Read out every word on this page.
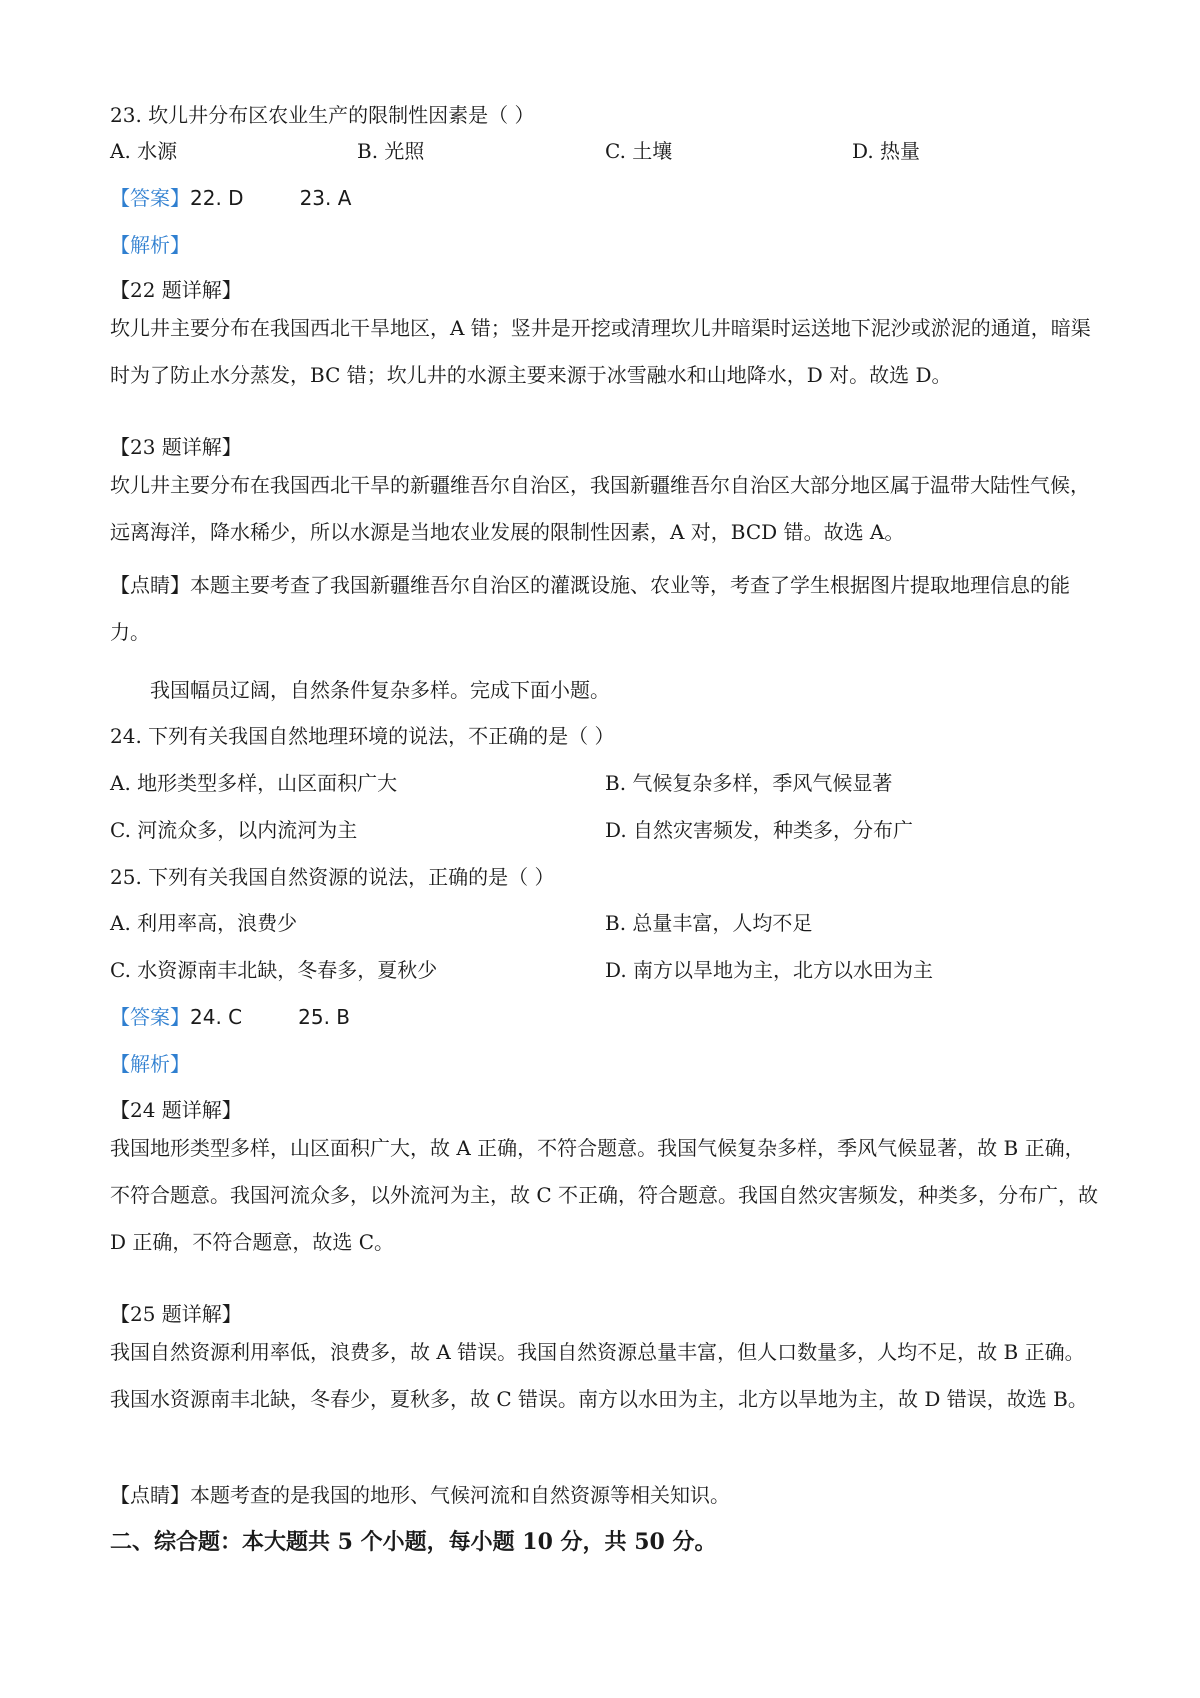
23. 坎儿井分布区农业生产的限制性因素是（ ）
A. 水源	B. 光照	C. 土壤	D. 热量
【答案】22. D	23. A
【解析】
【22 题详解】

坎儿井主要分布在我国西北干旱地区，A 错；竖井是开挖或清理坎儿井暗渠时运送地下泥沙或淤泥的通道，暗渠时为了防止水分蒸发，BC 错；坎儿井的水源主要来源于冰雪融水和山地降水，D 对。故选 D。

【23 题详解】

坎儿井主要分布在我国西北干旱的新疆维吾尔自治区，我国新疆维吾尔自治区大部分地区属于温带大陆性气候，远离海洋，降水稀少，所以水源是当地农业发展的限制性因素，A 对，BCD 错。故选 A。

【点睛】本题主要考查了我国新疆维吾尔自治区的灌溉设施、农业等，考查了学生根据图片提取地理信息的能力。

我国幅员辽阔，自然条件复杂多样。完成下面小题。
24. 下列有关我国自然地理环境的说法，不正确的是（ ）
A. 地形类型多样，山区面积广大	B. 气候复杂多样，季风气候显著
C. 河流众多，以内流河为主	D. 自然灾害频发，种类多，分布广
25. 下列有关我国自然资源的说法，正确的是（ ）
A. 利用率高，浪费少	B. 总量丰富，人均不足
C. 水资源南丰北缺，冬春多，夏秋少	D. 南方以旱地为主，北方以水田为主
【答案】24. C	25. B
【解析】
【24 题详解】

我国地形类型多样，山区面积广大，故 A 正确，不符合题意。我国气候复杂多样，季风气候显著，故 B 正确，不符合题意。我国河流众多，以外流河为主，故 C 不正确，符合题意。我国自然灾害频发，种类多，分布广，故 D 正确，不符合题意，故选 C。

【25 题详解】

我国自然资源利用率低，浪费多，故 A 错误。我国自然资源总量丰富，但人口数量多，人均不足，故 B 正确。我国水资源南丰北缺，冬春少，夏秋多，故 C 错误。南方以水田为主，北方以旱地为主，故 D 错误，故选 B。

【点睛】本题考查的是我国的地形、气候河流和自然资源等相关知识。
二、综合题：本大题共 5 个小题，每小题 10 分，共 50 分。
